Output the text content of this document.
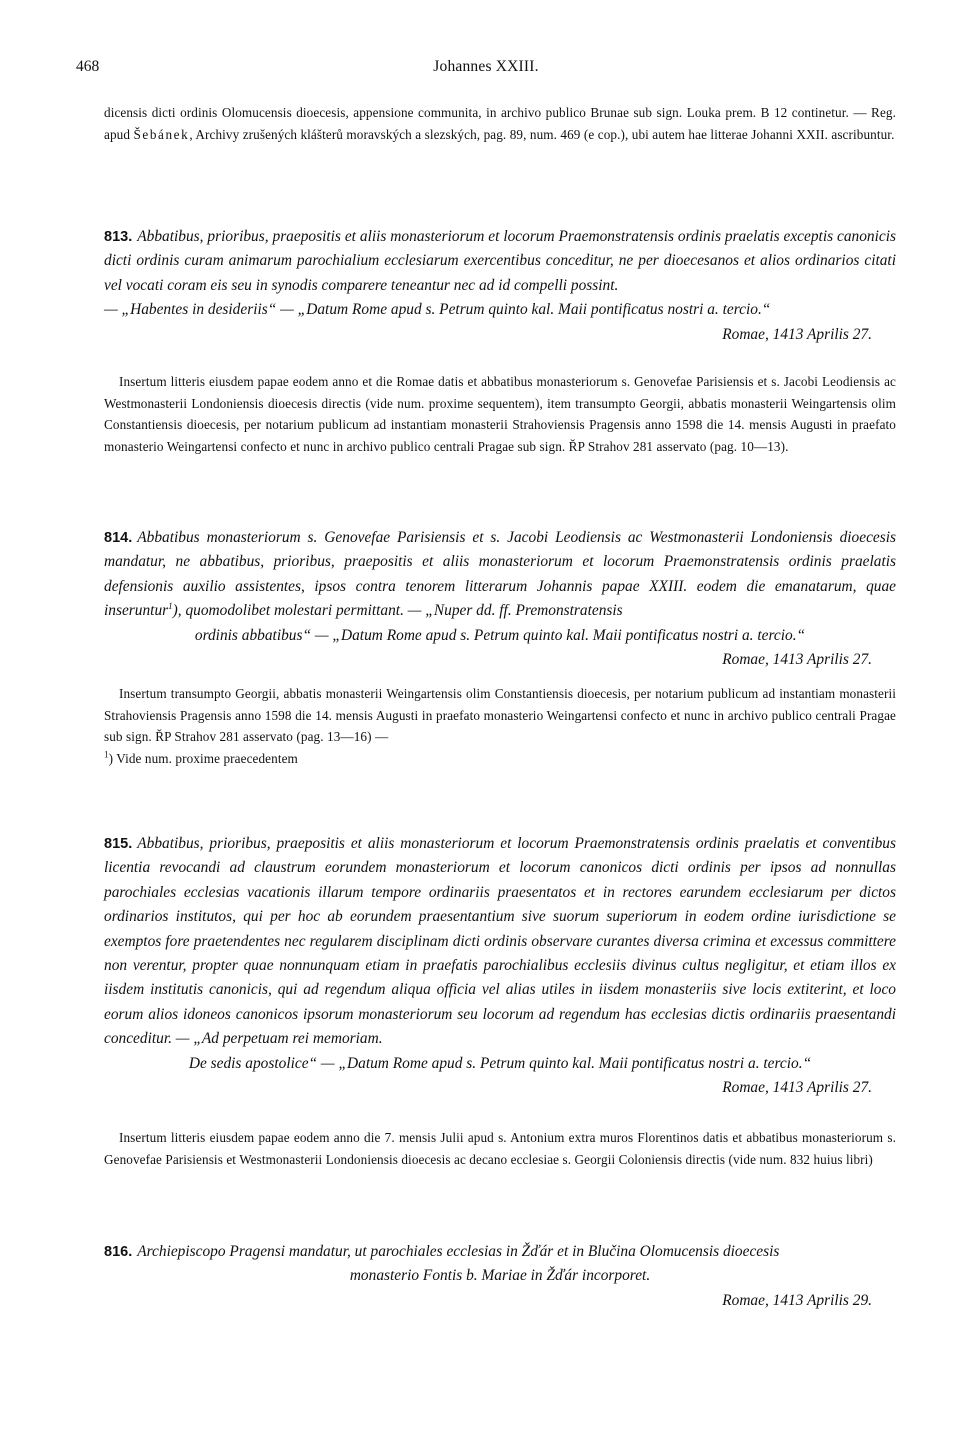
468	Johannes XXIII.
dicensis dicti ordinis Olomucensis dioecesis, appensione communita, in archivo publico Brunae sub sign. Louka prem. B 12 continetur. — Reg. apud Šebánek, Archivy zrušených klášterů moravských a slezských, pag. 89, num. 469 (e cop.), ubi autem hae litterae Johanni XXII. ascribuntur.
813. Abbatibus, prioribus, praepositis et aliis monasteriorum et locorum Praemonstratensis ordinis praelatis exceptis canonicis dicti ordinis curam animarum parochialium ecclesiarum exercentibus conceditur, ne per dioecesanos et alios ordinarios citati vel vocati coram eis seu in synodis comparere teneantur nec ad id compelli possint.
— „Habentes in desideriis“ — „Datum Rome apud s. Petrum quinto kal. Maii pontificatus nostri a. tercio.“
Romae, 1413 Aprilis 27.
Insertum litteris eiusdem papae eodem anno et die Romae datis et abbatibus monasteriorum s. Genovefae Parisiensis et s. Jacobi Leodiensis ac Westmonasterii Londoniensis dioecesis directis (vide num. proxime sequentem), item transumpto Georgii, abbatis monasterii Weingartensis olim Constantiensis dioecesis, per notarium publicum ad instantiam monasterii Strahoviensis Pragensis anno 1598 die 14. mensis Augusti in praefato monasterio Weingartensi confecto et nunc in archivo publico centrali Pragae sub sign. ŘP Strahov 281 asservato (pag. 10—13).
814. Abbatibus monasteriorum s. Genovefae Parisiensis et s. Jacobi Leodiensis ac Westmonasterii Londoniensis dioecesis mandatur, ne abbatibus, prioribus, praepositis et aliis monasteriorum et locorum Praemonstratensis ordinis praelatis defensionis auxilio assistentes, ipsos contra tenorem litterarum Johannis papae XXIII. eodem die emanatarum, quae inseruntur$^1$), quomodolibet molestari permittant. — „Nuper dd. ff. Premonstratensis
ordinis abbatibus“ — „Datum Rome apud s. Petrum quinto kal. Maii pontificatus nostri a. tercio.“
Romae, 1413 Aprilis 27.
Insertum transumpto Georgii, abbatis monasterii Weingartensis olim Constantiensis dioecesis, per notarium publicum ad instantiam monasterii Strahoviensis Pragensis anno 1598 die 14. mensis Augusti in praefato monasterio Weingartensi confecto et nunc in archivo publico centrali Pragae sub sign. ŘP Strahov 281 asservato (pag. 13—16) —
$^1$) Vide num. proxime praecedentem
815. Abbatibus, prioribus, praepositis et aliis monasteriorum et locorum Praemonstratensis ordinis praelatis et conventibus licentia revocandi ad claustrum eorundem monasteriorum et locorum canonicos dicti ordinis per ipsos ad nonnullas parochiales ecclesias vacationis illarum tempore ordinariis praesentatos et in rectores earundem ecclesiarum per dictos ordinarios institutos, qui per hoc ab eorundem praesentantium sive suorum superiorum in eodem ordine iurisdictione se exemptos fore praetendentes nec regularem disciplinam dicti ordinis observare curantes diversa crimina et excessus committere non verentur, propter quae nonnunquam etiam in praefatis parochialibus ecclesiis divinus cultus negligitur, et etiam illos ex iisdem institutis canonicis, qui ad regendum aliqua officia vel alias utiles in iisdem monasteriis sive locis extiterint, et loco eorum alios idoneos canonicos ipsorum monasteriorum seu locorum ad regendum has ecclesias dictis ordinariis praesentandi conceditur. — „Ad perpetuam rei memoriam.
De sedis apostolice“ — „Datum Rome apud s. Petrum quinto kal. Maii pontificatus nostri a. tercio.“
Romae, 1413 Aprilis 27.
Insertum litteris eiusdem papae eodem anno die 7. mensis Julii apud s. Antonium extra muros Florentinos datis et abbatibus monasteriorum s. Genovefae Parisiensis et Westmonasterii Londoniensis dioecesis ac decano ecclesiae s. Georgii Coloniensis directis (vide num. 832 huius libri)
816. Archiepiscopo Pragensi mandatur, ut parochiales ecclesias in Žďár et in Blučina Olomucensis dioecesis
monasterio Fontis b. Mariae in Žďár incorporet.
Romae, 1413 Aprilis 29.
